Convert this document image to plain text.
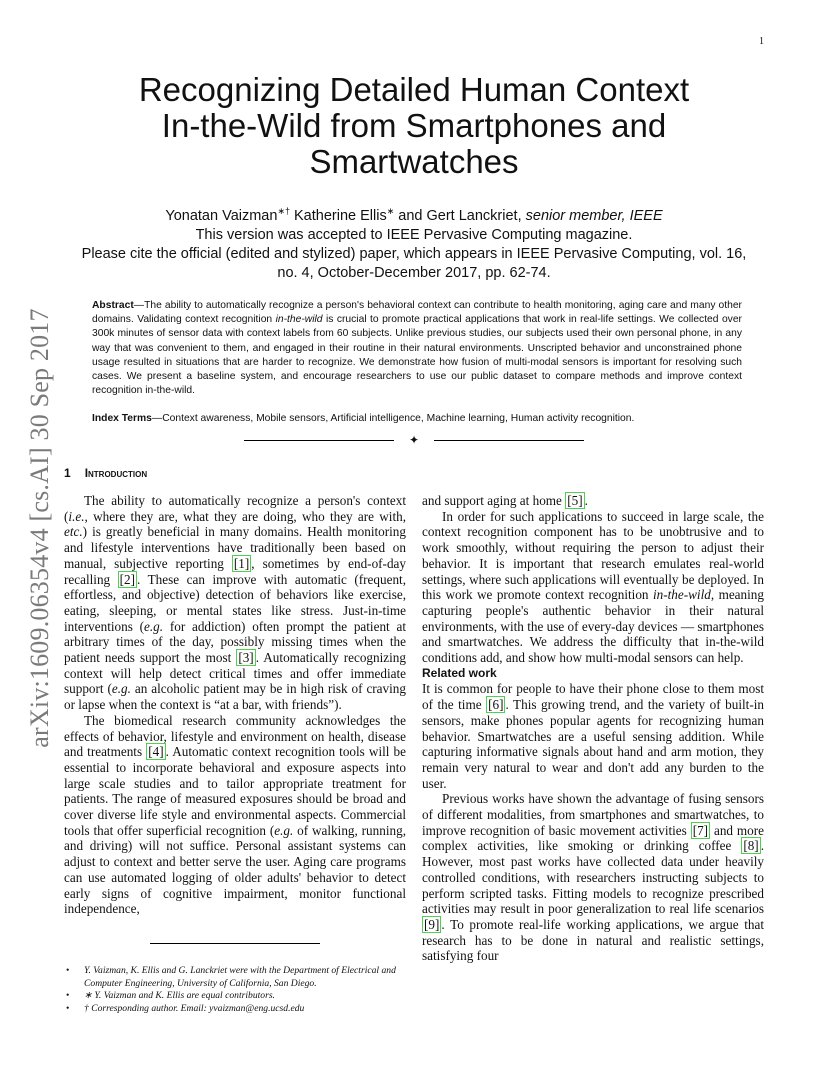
1
arXiv:1609.06354v4 [cs.AI] 30 Sep 2017
Recognizing Detailed Human Context
In-the-Wild from Smartphones and
Smartwatches
Yonatan Vaizman∗† Katherine Ellis∗ and Gert Lanckriet, senior member, IEEE
This version was accepted to IEEE Pervasive Computing magazine.
Please cite the official (edited and stylized) paper, which appears in IEEE Pervasive Computing, vol. 16,
no. 4, October-December 2017, pp. 62-74.
Abstract—The ability to automatically recognize a person's behavioral context can contribute to health monitoring, aging care and many other domains. Validating context recognition in-the-wild is crucial to promote practical applications that work in real-life settings. We collected over 300k minutes of sensor data with context labels from 60 subjects. Unlike previous studies, our subjects used their own personal phone, in any way that was convenient to them, and engaged in their routine in their natural environments. Unscripted behavior and unconstrained phone usage resulted in situations that are harder to recognize. We demonstrate how fusion of multi-modal sensors is important for resolving such cases. We present a baseline system, and encourage researchers to use our public dataset to compare methods and improve context recognition in-the-wild.
Index Terms—Context awareness, Mobile sensors, Artificial intelligence, Machine learning, Human activity recognition.
✦
1 Introduction

The ability to automatically recognize a person's context (i.e., where they are, what they are doing, who they are with, etc.) is greatly beneficial in many domains. Health monitoring and lifestyle interventions have traditionally been based on manual, subjective reporting [1] , sometimes by end-of-day recalling [2] . These can improve with automatic (frequent, effortless, and objective) detection of behaviors like exercise, eating, sleeping, or mental states like stress. Just-in-time interventions (e.g. for addiction) often prompt the patient at arbitrary times of the day, possibly missing times when the patient needs support the most [3] . Automatically recognizing context will help detect critical times and offer immediate support (e.g. an alcoholic patient may be in high risk of craving or lapse when the context is “at a bar, with friends”).

The biomedical research community acknowledges the effects of behavior, lifestyle and environment on health, disease and treatments [4] . Automatic context recognition tools will be essential to incorporate behavioral and exposure aspects into large scale studies and to tailor appropriate treatment for patients. The range of measured exposures should be broad and cover diverse life style and environmental aspects. Commercial tools that offer superficial recognition (e.g. of walking, running, and driving) will not suffice. Personal assistant systems can adjust to context and better serve the user. Aging care programs can use automated logging of older adults' behavior to detect early signs of cognitive impairment, monitor functional independence,

and support aging at home [5] .

In order for such applications to succeed in large scale, the context recognition component has to be unobtrusive and to work smoothly, without requiring the person to adjust their behavior. It is important that research emulates real-world settings, where such applications will eventually be deployed. In this work we promote context recognition in-the-wild, meaning capturing people's authentic behavior in their natural environments, with the use of every-day devices — smartphones and smartwatches. We address the difficulty that in-the-wild conditions add, and show how multi-modal sensors can help.

Related work

It is common for people to have their phone close to them most of the time [6] . This growing trend, and the variety of built-in sensors, make phones popular agents for recognizing human behavior. Smartwatches are a useful sensing addition. While capturing informative signals about hand and arm motion, they remain very natural to wear and don't add any burden to the user.

Previous works have shown the advantage of fusing sensors of different modalities, from smartphones and smartwatches, to improve recognition of basic movement activities [7] and more complex activities, like smoking or drinking coffee [8] . However, most past works have collected data under heavily controlled conditions, with researchers instructing subjects to perform scripted tasks. Fitting models to recognize prescribed activities may result in poor generalization to real life scenarios [9] . To promote real-life working applications, we argue that research has to be done in natural and realistic settings, satisfying four

• Y. Vaizman, K. Ellis and G. Lanckriet were with the Department of Electrical and Computer Engineering, University of California, San Diego.
• ∗ Y. Vaizman and K. Ellis are equal contributors.
• † Corresponding author. Email: yvaizman@eng.ucsd.edu
